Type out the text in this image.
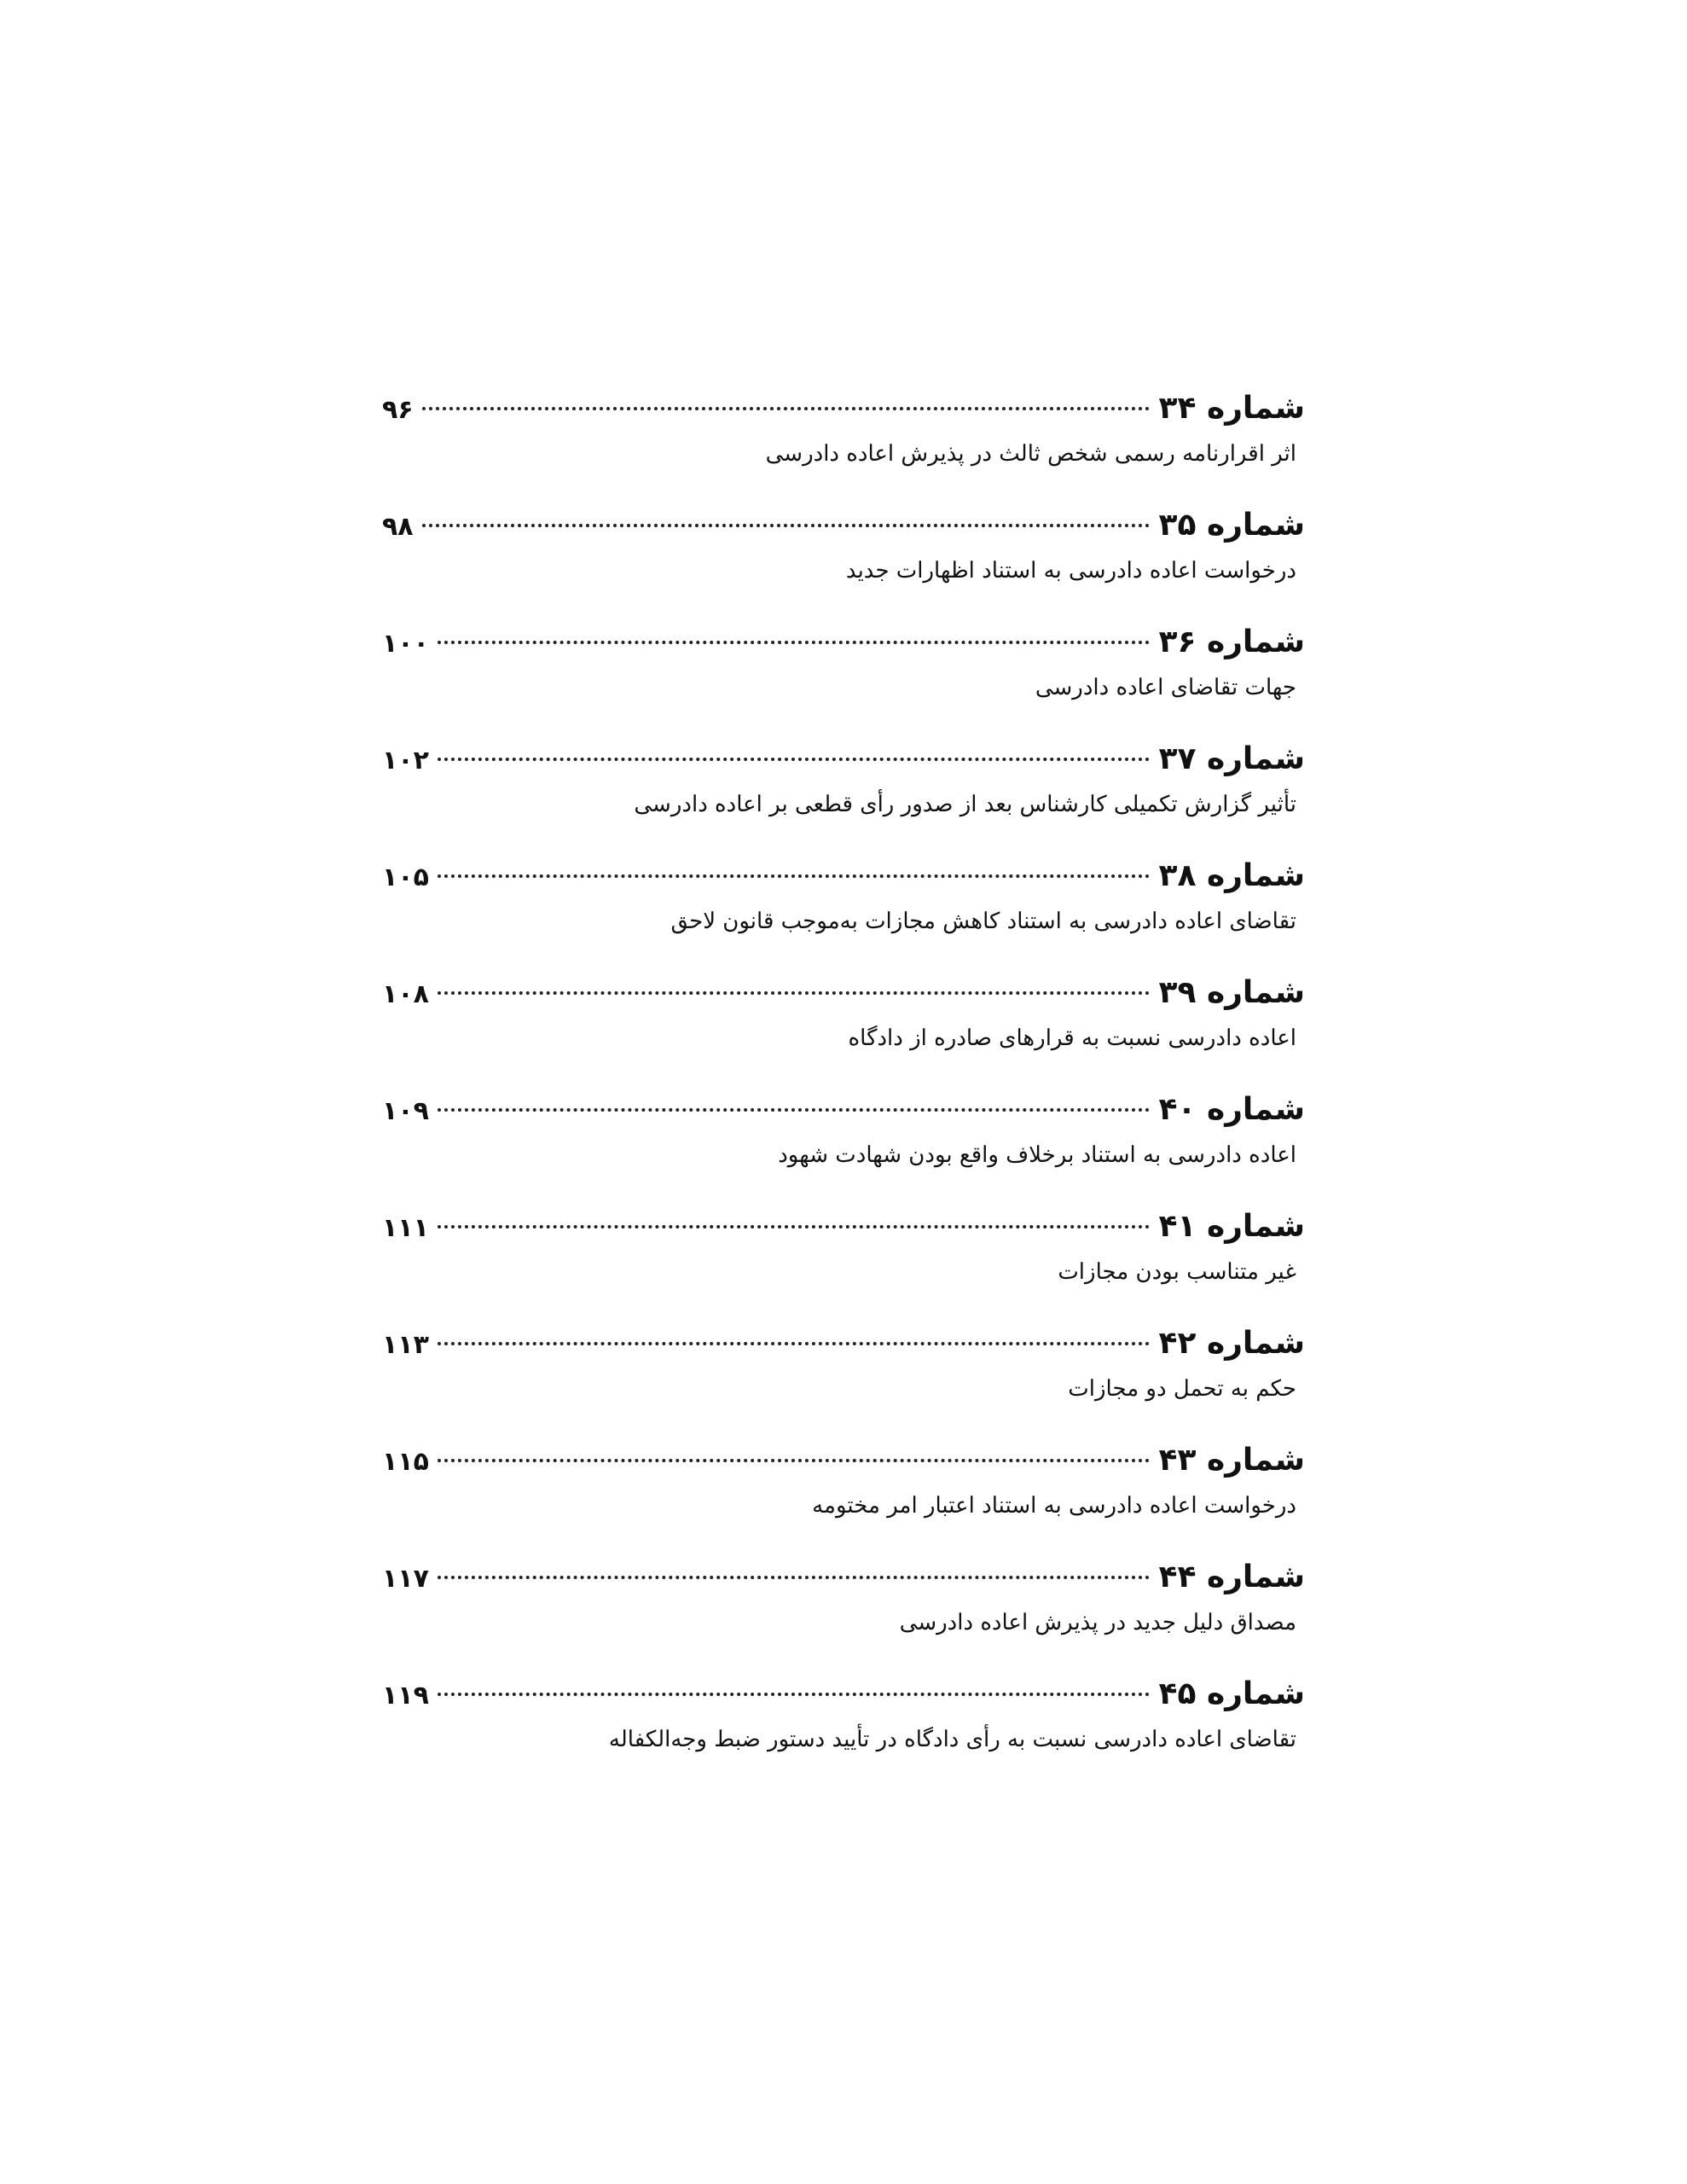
شماره ۳۴
۹۶
اثر اقرارنامه رسمی شخص ثالث در پذیرش اعاده دادرسی
شماره ۳۵
۹۸
درخواست اعاده دادرسی به استناد اظهارات جدید
شماره ۳۶
۱۰۰
جهات تقاضای اعاده دادرسی
شماره ۳۷
۱۰۲
تأثیر گزارش تکمیلی کارشناس بعد از صدور رأی قطعی بر اعاده دادرسی
شماره ۳۸
۱۰۵
تقاضای اعاده دادرسی به استناد کاهش مجازات به‌موجب قانون لاحق
شماره ۳۹
۱۰۸
اعاده دادرسی نسبت به قرارهای صادره از دادگاه
شماره ۴۰
۱۰۹
اعاده دادرسی به استناد برخلاف واقع بودن شهادت شهود
شماره ۴۱
۱۱۱
غیر متناسب بودن مجازات
شماره ۴۲
۱۱۳
حکم به تحمل دو مجازات
شماره ۴۳
۱۱۵
درخواست اعاده دادرسی به استناد اعتبار امر مختومه
شماره ۴۴
۱۱۷
مصداق دلیل جدید در پذیرش اعاده دادرسی
شماره ۴۵
۱۱۹
تقاضای اعاده دادرسی نسبت به رأی دادگاه در تأیید دستور ضبط وجه‌الکفاله
